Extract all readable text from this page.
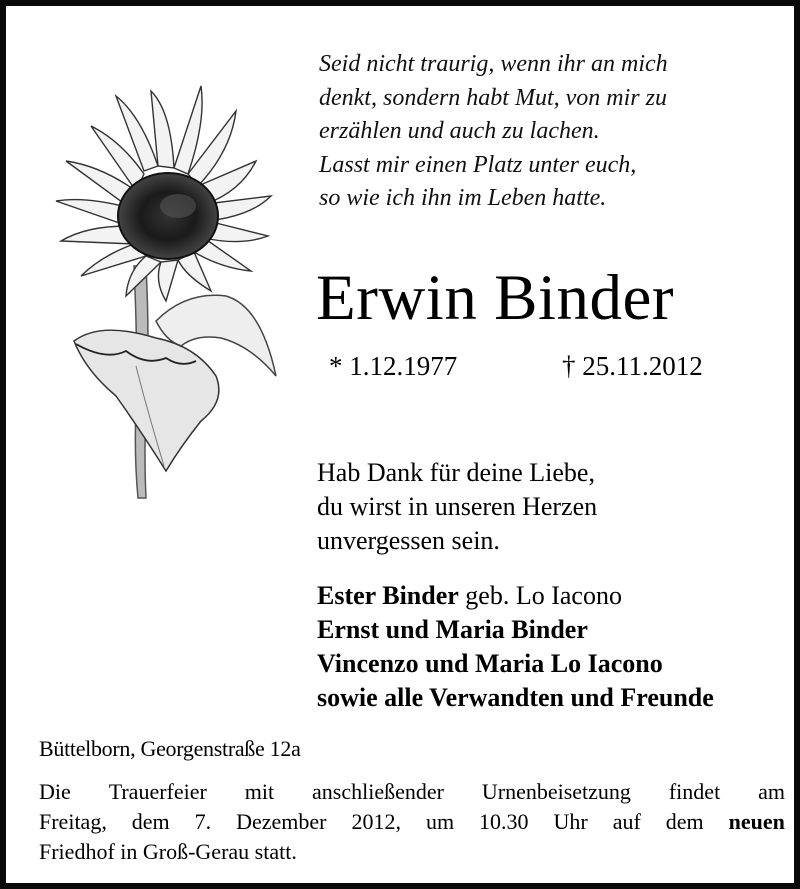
Seid nicht traurig, wenn ihr an mich
denkt, sondern habt Mut, von mir zu
erzählen und auch zu lachen.
Lasst mir einen Platz unter euch,
so wie ich ihn im Leben hatte.
Erwin Binder
* 1.12.1977	† 25.11.2012
Hab Dank für deine Liebe,
du wirst in unseren Herzen
unvergessen sein.
Ester Binder geb. Lo Iacono
Ernst und Maria Binder
Vincenzo und Maria Lo Iacono
sowie alle Verwandten und Freunde
Büttelborn, Georgenstraße 12a
Die Trauerfeier mit anschließender Urnenbeisetzung findet am
Freitag, dem 7. Dezember 2012, um 10.30 Uhr auf dem neuen
Friedhof in Groß-Gerau statt.
